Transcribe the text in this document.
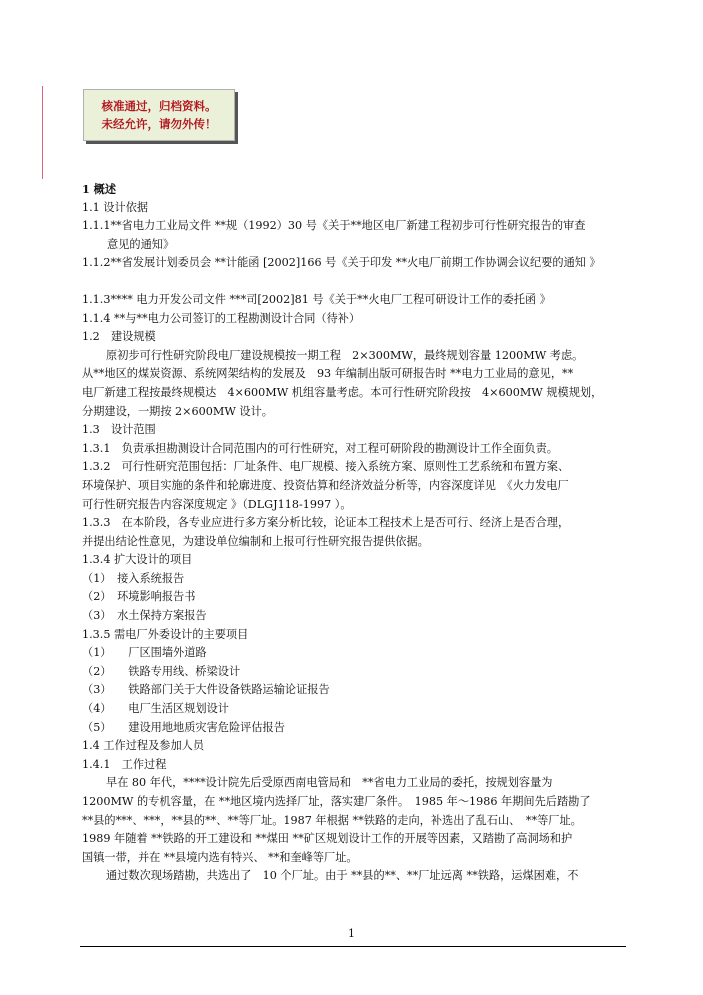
核准通过，归档资料。
未经允许，请勿外传！

1 概述

1.1 设计依据

1.1.1**省电力工业局文件 **规（1992）30 号《关于**地区电厂新建工程初步可行性研究报告的审查

意见的通知》

1.1.2**省发展计划委员会 **计能函 [2002]166 号《关于印发 **火电厂前期工作协调会议纪要的通知 》

1.1.3**** 电力开发公司文件 ***司[2002]81 号《关于**火电厂工程可研设计工作的委托函 》

1.1.4 **与**电力公司签订的工程勘测设计合同（待补）

1.2　建设规模

原初步可行性研究阶段电厂建设规模按一期工程　2×300MW，最终规划容量 1200MW 考虑。

从**地区的煤炭资源、系统网架结构的发展及　93 年编制出版可研报告时 **电力工业局的意见，**

电厂新建工程按最终规模达　4×600MW 机组容量考虑。本可行性研究阶段按　4×600MW 规模规划，

分期建设，一期按 2×600MW 设计。

1.3　设计范围

1.3.1　负责承担勘测设计合同范围内的可行性研究，对工程可研阶段的勘测设计工作全面负责。

1.3.2　可行性研究范围包括：厂址条件、电厂规模、接入系统方案、原则性工艺系统和布置方案、

环境保护、项目实施的条件和轮廓进度、投资估算和经济效益分析等，内容深度详见　《火力发电厂

可行性研究报告内容深度规定 》（DLGJ118-1997 ）。

1.3.3　在本阶段，各专业应进行多方案分析比较，论证本工程技术上是否可行、经济上是否合理，

并提出结论性意见，为建设单位编制和上报可行性研究报告提供依据。

1.3.4 扩大设计的项目

（1）　接入系统报告

（2）　环境影响报告书

（3）　水土保持方案报告

1.3.5 需电厂外委设计的主要项目

（1）　　厂区围墙外道路

（2）　　铁路专用线、桥梁设计

（3）　　铁路部门关于大件设备铁路运输论证报告

（4）　　电厂生活区规划设计

（5）　　建设用地地质灾害危险评估报告

1.4 工作过程及参加人员

1.4.1　工作过程

早在 80 年代，****设计院先后受原西南电管局和　**省电力工业局的委托，按规划容量为

1200MW 的专机容量，在 **地区境内选择厂址，落实建厂条件。　1985 年～1986 年期间先后踏勘了

**县的***、***，**县的**、**等厂址。1987 年根据 **铁路的走向，补选出了乱石山、　**等厂址。

1989 年随着 **铁路的开工建设和 **煤田 **矿区规划设计工作的开展等因素，又踏勘了高洞场和护

国镇一带，并在 **县境内选有特兴、 **和奎峰等厂址。

通过数次现场踏勘，共选出了　10 个厂址。由于 **县的**、**厂址远离 **铁路，运煤困难，不

1
